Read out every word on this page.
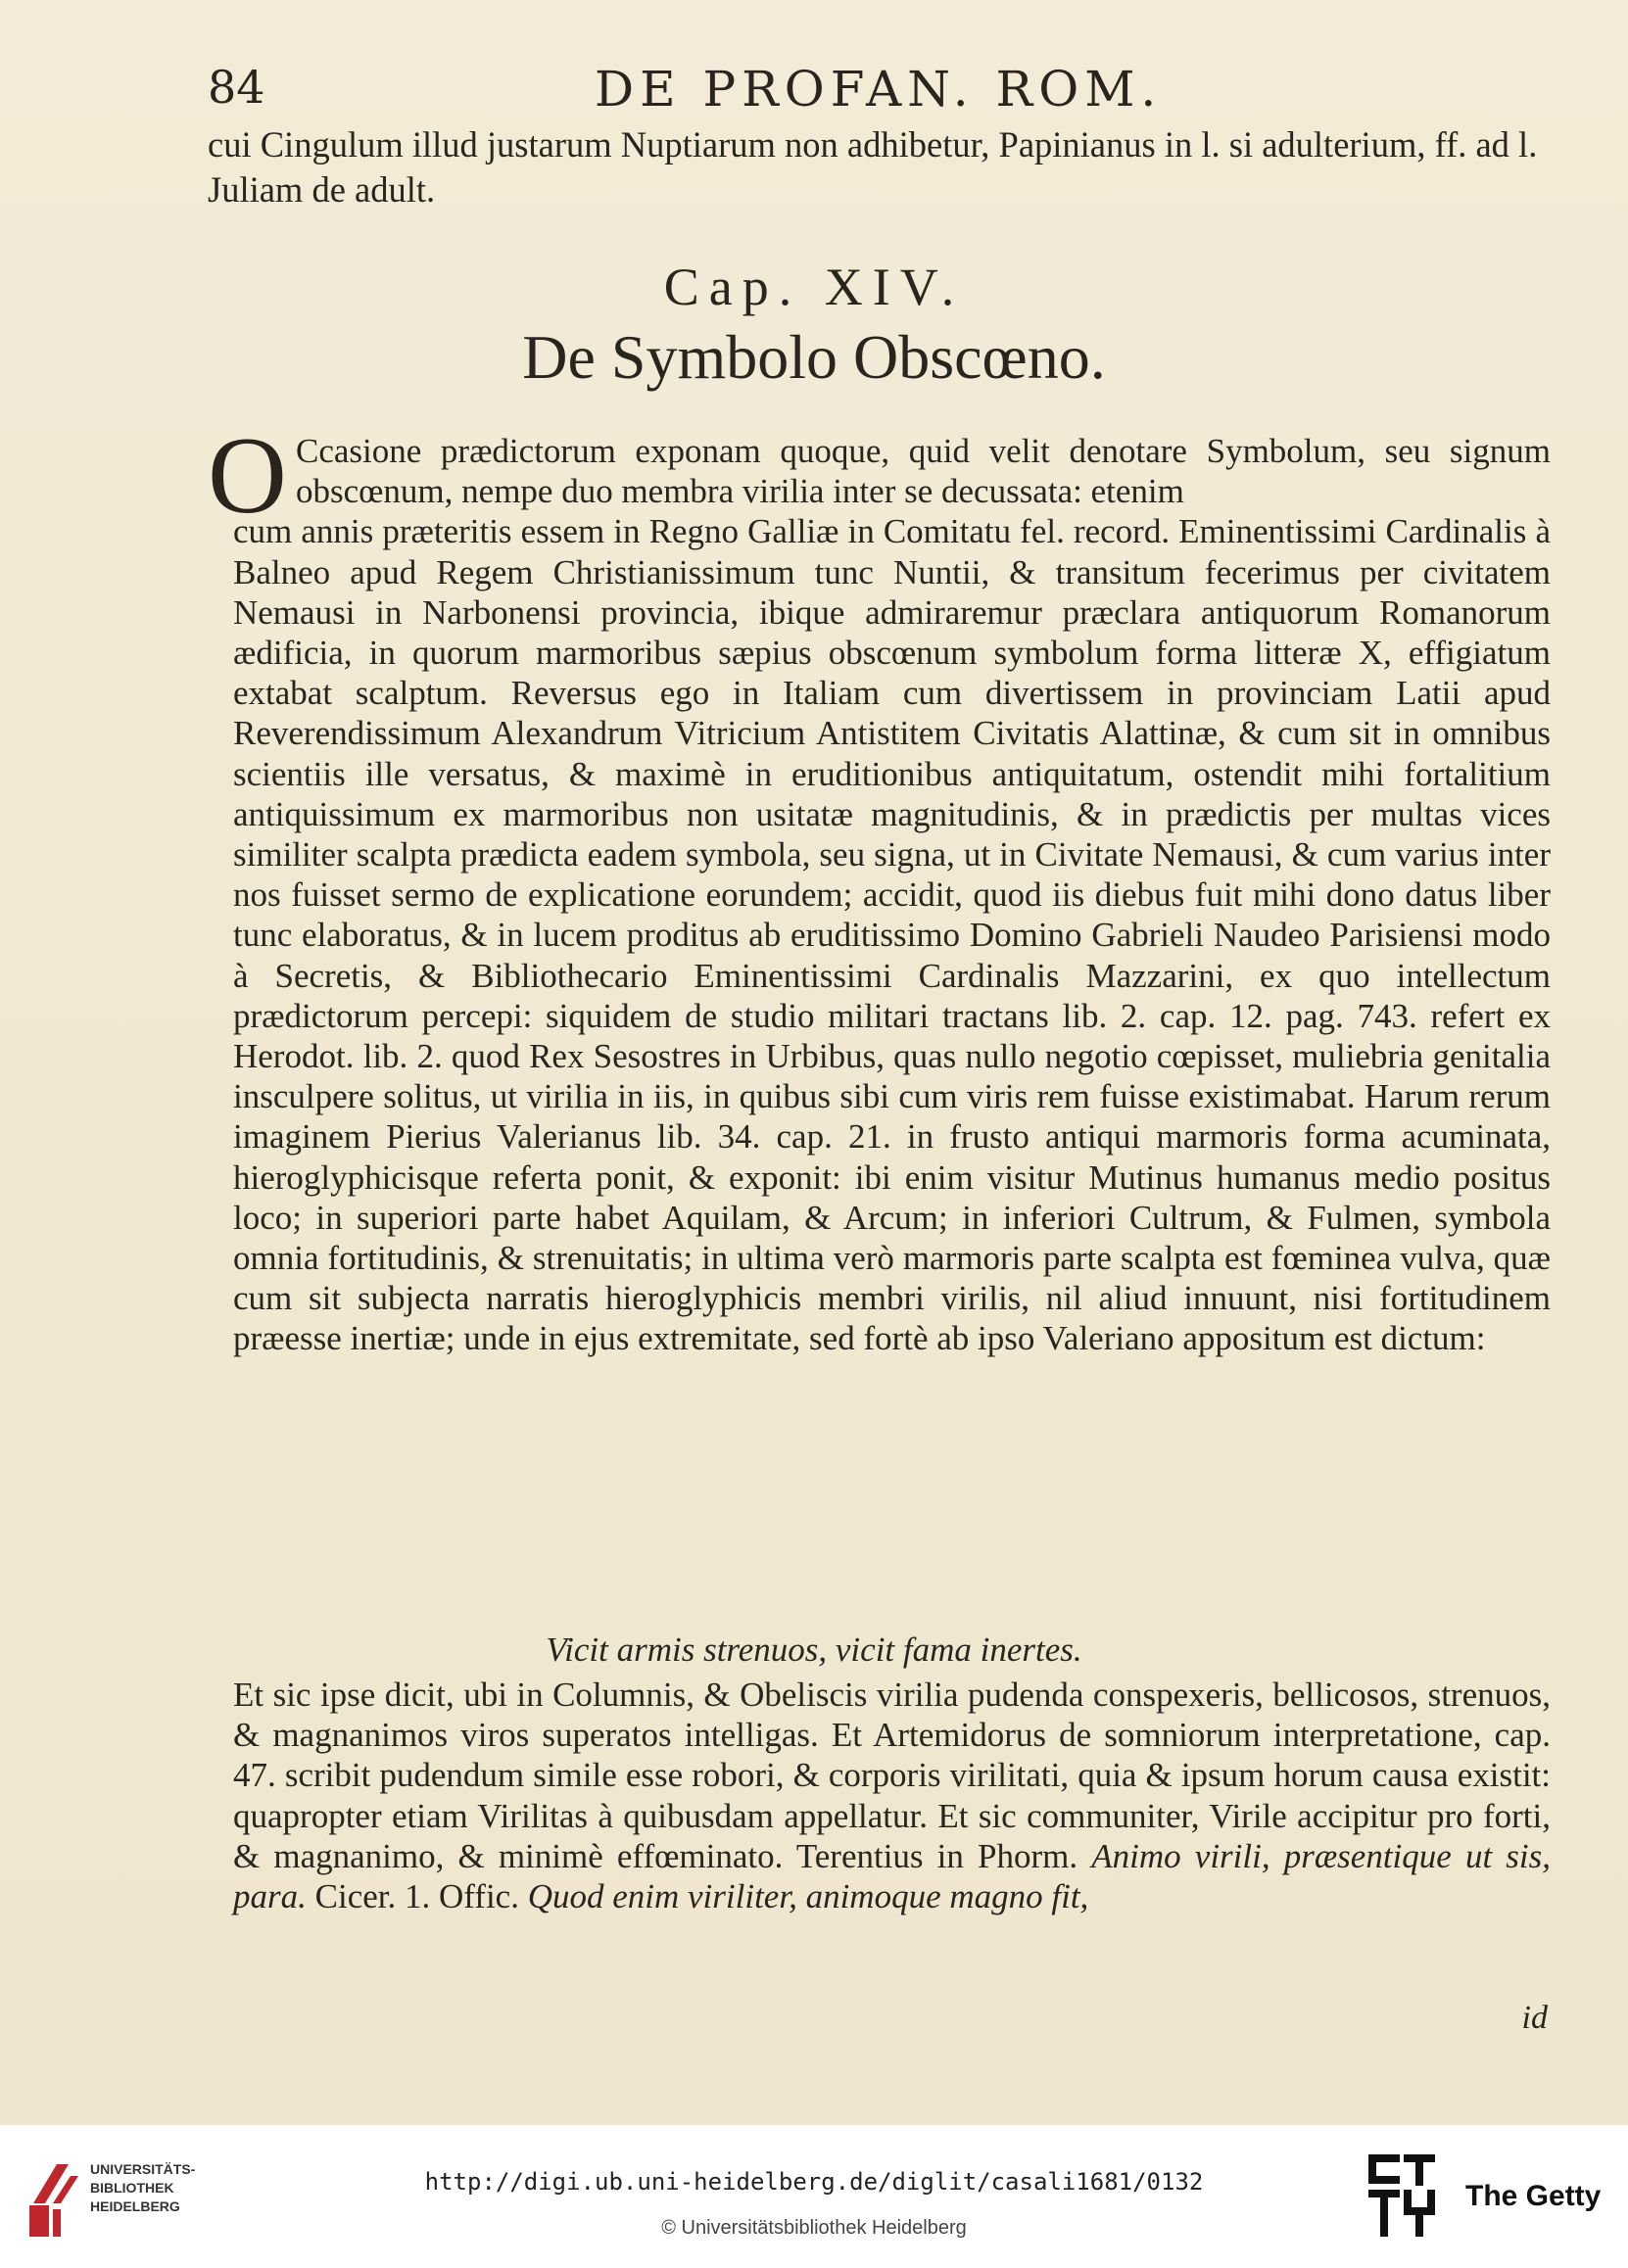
84	DE PROFAN. ROM.
cui Cingulum illud justarum Nuptiarum non adhibetur, Papinianus in l. si adulterium, ff. ad l. Juliam de adult.
Cap. XIV.
De Symbolo Obscœno.
O Ccasione prædictorum exponam quoque, quid velit denotare Symbolum, seu signum obscœnum, nempe duo membra virilia inter se decussata: etenim
cum annis præteritis essem in Regno Galliæ in Comitatu fel. record. Eminentissimi Cardinalis à Balneo apud Regem Christianissimum tunc Nuntii, & transitum fecerimus per civitatem Nemausi in Narbonensi provincia, ibique admiraremur præclara antiquorum Romanorum ædificia, in quorum marmoribus sæpius obscœnum symbolum forma litteræ X, effigiatum extabat scalptum. Reversus ego in Italiam cum divertissem in provinciam Latii apud Reverendissimum Alexandrum Vitricium Antistitem Civitatis Alattinæ, & cum sit in omnibus scientiis ille versatus, & maximè in eruditionibus antiquitatum, ostendit mihi fortalitium antiquissimum ex marmoribus non usitatæ magnitudinis, & in prædictis per multas vices similiter scalpta prædicta eadem symbola, seu signa, ut in Civitate Nemausi, & cum varius inter nos fuisset sermo de explicatione eorundem; accidit, quod iis diebus fuit mihi dono datus liber tunc elaboratus, & in lucem proditus ab eruditissimo Domino Gabrieli Naudeo Parisiensi modo à Secretis, & Bibliothecario Eminentissimi Cardinalis Mazzarini, ex quo intellectum prædictorum percepi: siquidem de studio militari tractans lib. 2. cap. 12. pag. 743. refert ex Herodot. lib. 2. quod Rex Sesostres in Urbibus, quas nullo negotio cœpisset, muliebria genitalia insculpere solitus, ut virilia in iis, in quibus sibi cum viris rem fuisse existimabat. Harum rerum imaginem Pierius Valerianus lib. 34. cap. 21. in frusto antiqui marmoris forma acuminata, hieroglyphicisque referta ponit, & exponit: ibi enim visitur Mutinus humanus medio positus loco; in superiori parte habet Aquilam, & Arcum; in inferiori Cultrum, & Fulmen, symbola omnia fortitudinis, & strenuitatis; in ultima verò marmoris parte scalpta est fœminea vulva, quæ cum sit subjecta narratis hieroglyphicis membri virilis, nil aliud innuunt, nisi fortitudinem præesse inertiæ; unde in ejus extremitate, sed fortè ab ipso Valeriano appositum est dictum:
Vicit armis strenuos, vicit fama inertes.
Et sic ipse dicit, ubi in Columnis, & Obeliscis virilia pudenda conspexeris, bellicosos, strenuos, & magnanimos viros superatos intelligas. Et Artemidorus de somniorum interpretatione, cap. 47. scribit pudendum simile esse robori, & corporis virilitati, quia & ipsum horum causa existit: quapropter etiam Virilitas à quibusdam appellatur. Et sic communiter, Virile accipitur pro forti, & magnanimo, & minimè effœminato. Terentius in Phorm. Animo virili, præsentique ut sis, para. Cicer. 1. Offic. Quod enim viriliter, animoque magno fit,
id
UNIVERSITÄTS-
BIBLIOTHEK
HEIDELBERG
http://digi.ub.uni-heidelberg.de/diglit/casali1681/0132
© Universitätsbibliothek Heidelberg
The Getty
